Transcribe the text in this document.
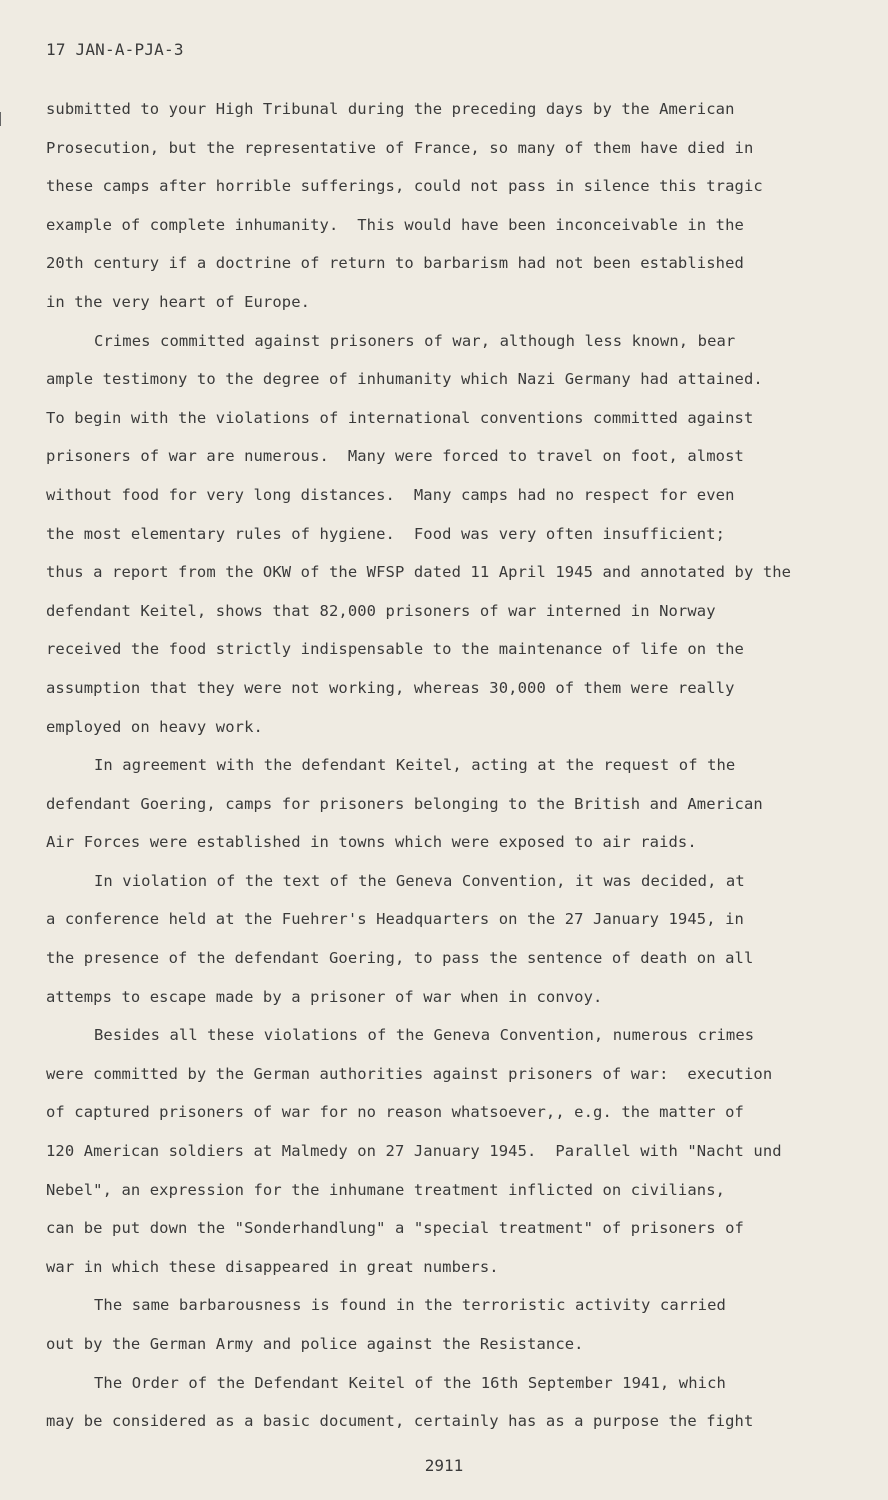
17 JAN-A-PJA-3
submitted to your High Tribunal during the preceding days by the American
Prosecution, but the representative of France, so many of them have died in
these camps after horrible sufferings, could not pass in silence this tragic
example of complete inhumanity.  This would have been inconceivable in the
20th century if a doctrine of return to barbarism had not been established
in the very heart of Europe.
Crimes committed against prisoners of war, although less known, bear
ample testimony to the degree of inhumanity which Nazi Germany had attained.
To begin with the violations of international conventions committed against
prisoners of war are numerous.  Many were forced to travel on foot, almost
without food for very long distances.  Many camps had no respect for even
the most elementary rules of hygiene.  Food was very often insufficient;
thus a report from the OKW of the WFSP dated 11 April 1945 and annotated by the
defendant Keitel, shows that 82,000 prisoners of war interned in Norway
received the food strictly indispensable to the maintenance of life on the
assumption that they were not working, whereas 30,000 of them were really
employed on heavy work.
In agreement with the defendant Keitel, acting at the request of the
defendant Goering, camps for prisoners belonging to the British and American
Air Forces were established in towns which were exposed to air raids.
In violation of the text of the Geneva Convention, it was decided, at
a conference held at the Fuehrer's Headquarters on the 27 January 1945, in
the presence of the defendant Goering, to pass the sentence of death on all
attemps to escape made by a prisoner of war when in convoy.
Besides all these violations of the Geneva Convention, numerous crimes
were committed by the German authorities against prisoners of war:  execution
of captured prisoners of war for no reason whatsoever,, e.g. the matter of
120 American soldiers at Malmedy on 27 January 1945.  Parallel with "Nacht und
Nebel", an expression for the inhumane treatment inflicted on civilians,
can be put down the "Sonderhandlung" a "special treatment" of prisoners of
war in which these disappeared in great numbers.
The same barbarousness is found in the terroristic activity carried
out by the German Army and police against the Resistance.
The Order of the Defendant Keitel of the 16th September 1941, which
may be considered as a basic document, certainly has as a purpose the fight
2911
